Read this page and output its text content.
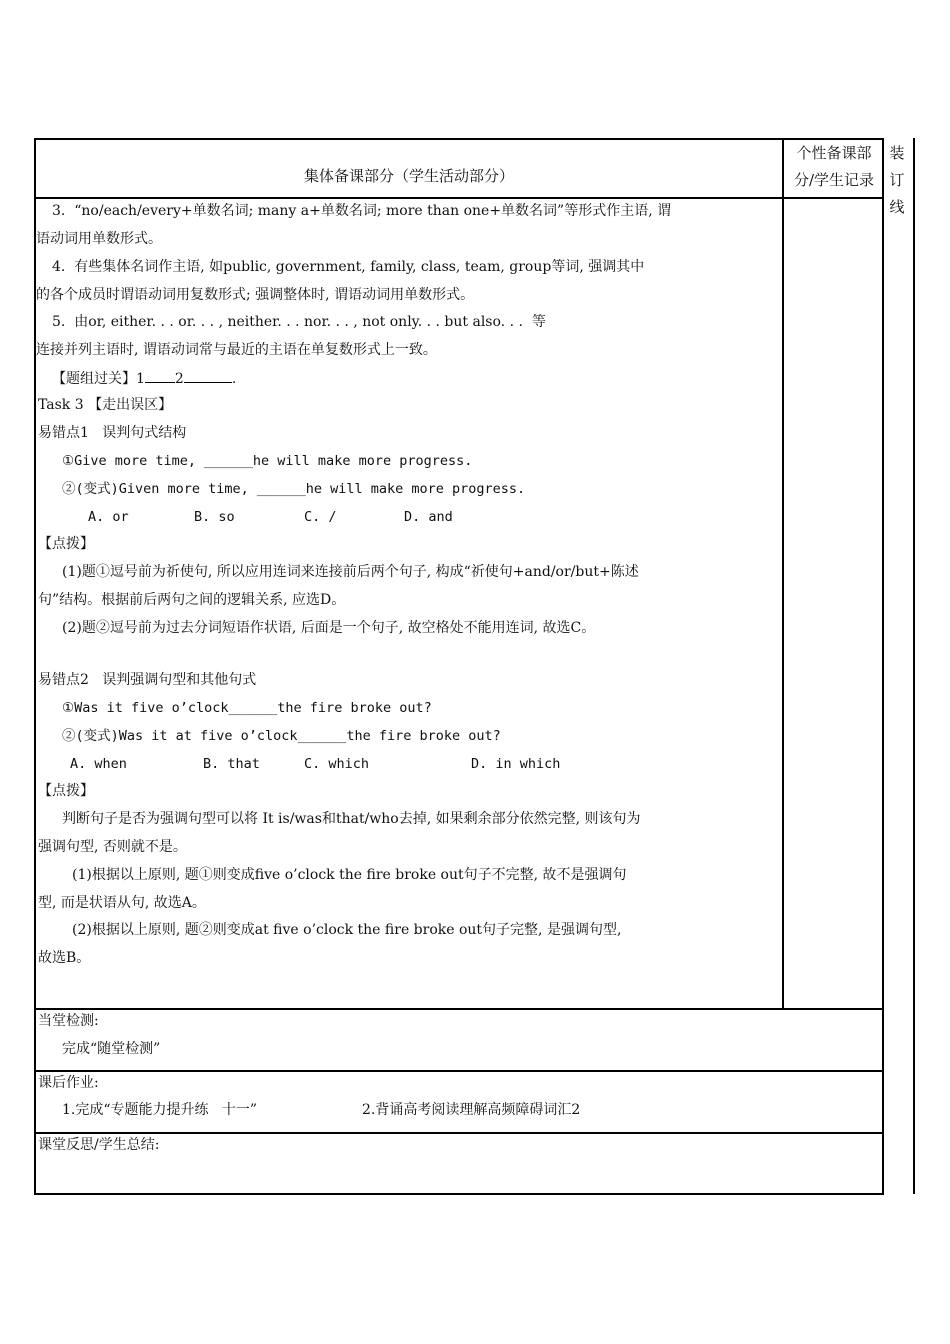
集体备课部分（学生活动部分）
个性备课部
分/学生记录
装
订
线
3.  “no/each/every+单数名词; many a+单数名词; more than one+单数名词”等形式作主语, 谓
语动词用单数形式。
4.  有些集体名词作主语, 如public, government, family, class, team, group等词, 强调其中
的各个成员时谓语动词用复数形式; 强调整体时, 谓语动词用单数形式。
5.  由or, either. . . or. . . , neither. . . nor. . . , not only. . . but also. . .  等
连接并列主语时, 谓语动词常与最近的主语在单复数形式上一致。
【题组过关】1 2	.
Task 3 【走出误区】
易错点1   误判句式结构
①Give more time, ______he will make more progress.
②(变式)Given more time, ______he will make more progress.
A. or	B. so	C. /	D. and
【点拨】
(1)题①逗号前为祈使句, 所以应用连词来连接前后两个句子, 构成“祈使句+and/or/but+陈述
句”结构。根据前后两句之间的逻辑关系, 应选D。
(2)题②逗号前为过去分词短语作状语, 后面是一个句子, 故空格处不能用连词, 故选C。
易错点2   误判强调句型和其他句式
①Was it five o’clock______the fire broke out?
②(变式)Was it at five o’clock______the fire broke out?
A. when	B. that	C. which	D. in which
【点拨】
判断句子是否为强调句型可以将 It is/was和that/who去掉, 如果剩余部分依然完整, 则该句为
强调句型, 否则就不是。
(1)根据以上原则, 题①则变成five o’clock the fire broke out句子不完整, 故不是强调句
型, 而是状语从句, 故选A。
(2)根据以上原则, 题②则变成at five o’clock the fire broke out句子完整, 是强调句型,
故选B。
当堂检测:
完成“随堂检测”
课后作业:
1.完成“专题能力提升练   十一”	2.背诵高考阅读理解高频障碍词汇2
课堂反思/学生总结:
